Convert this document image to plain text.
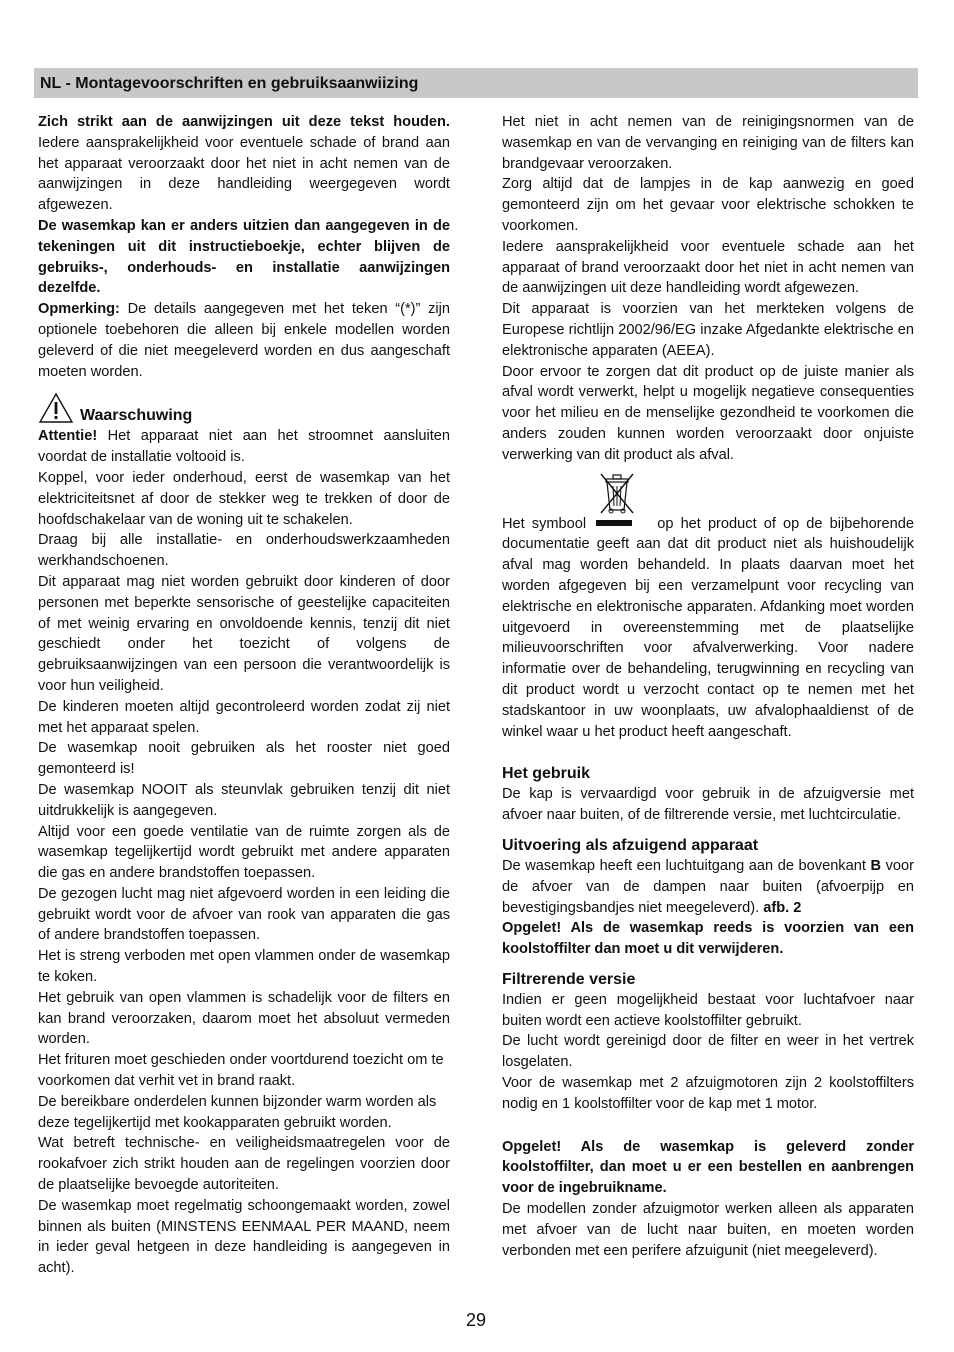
NL - Montagevoorschriften en gebruiksaanwiizing

Zich strikt aan de aanwijzingen uit deze tekst houden. Iedere aansprakelijkheid voor eventuele schade of brand aan het apparaat veroorzaakt door het niet in acht nemen van de aanwijzingen in deze handleiding weergegeven wordt afgewezen.

De wasemkap kan er anders uitzien dan aangegeven in de tekeningen uit dit instructieboekje, echter blijven de gebruiks-, onderhouds- en installatie aanwijzingen dezelfde.

Opmerking: De details aangegeven met het teken “(*)” zijn optionele toebehoren die alleen bij enkele modellen worden geleverd of die niet meegeleverd worden en dus aangeschaft moeten worden.

Waarschuwing

Attentie! Het apparaat niet aan het stroomnet aansluiten voordat de installatie voltooid is.

Koppel, voor ieder onderhoud, eerst de wasemkap van het elektriciteitsnet af door de stekker weg te trekken of door de hoofdschakelaar van de woning uit te schakelen.

Draag bij alle installatie- en onderhoudswerkzaamheden werkhandschoenen.

Dit apparaat mag niet worden gebruikt door kinderen of door personen met beperkte sensorische of geestelijke capaciteiten of met weinig ervaring en onvoldoende kennis, tenzij dit niet geschiedt onder het toezicht of volgens de gebruiksaanwijzingen van een persoon die verantwoordelijk is voor hun veiligheid.

De kinderen moeten altijd gecontroleerd worden zodat zij niet met het apparaat spelen.

De wasemkap nooit gebruiken als het rooster niet goed gemonteerd is!

De wasemkap NOOIT als steunvlak gebruiken tenzij dit niet uitdrukkelijk is aangegeven.

Altijd voor een goede ventilatie van de ruimte zorgen als de wasemkap tegelijkertijd wordt gebruikt met andere apparaten die gas en andere brandstoffen toepassen.

De gezogen lucht mag niet afgevoerd worden in een leiding die gebruikt wordt voor de afvoer van rook van apparaten die gas of andere brandstoffen toepassen.

Het is streng verboden met open vlammen onder de wasemkap te koken.

Het gebruik van open vlammen is schadelijk voor de filters en kan brand veroorzaken, daarom moet het absoluut vermeden worden.

Het frituren moet geschieden onder voortdurend toezicht om te voorkomen dat verhit vet in brand raakt.

De bereikbare onderdelen kunnen bijzonder warm worden als deze tegelijkertijd met kookapparaten gebruikt worden.

Wat betreft technische- en veiligheidsmaatregelen voor de rookafvoer zich strikt houden aan de regelingen voorzien door de plaatselijke bevoegde autoriteiten.

De wasemkap moet regelmatig schoongemaakt worden, zowel binnen als buiten (MINSTENS EENMAAL PER MAAND, neem in ieder geval hetgeen in deze handleiding is aangegeven in acht).

Het niet in acht nemen van de reinigingsnormen van de wasemkap en van de vervanging en reiniging van de filters kan brandgevaar veroorzaken.

Zorg altijd dat de lampjes in de kap aanwezig en goed gemonteerd zijn om het gevaar voor elektrische schokken te voorkomen.

Iedere aansprakelijkheid voor eventuele schade aan het apparaat of brand veroorzaakt door het niet in acht nemen van de aanwijzingen uit deze handleiding wordt afgewezen.

Dit apparaat is voorzien van het merkteken volgens de Europese richtlijn 2002/96/EG inzake Afgedankte elektrische en elektronische apparaten (AEEA).

Door ervoor te zorgen dat dit product op de juiste manier als afval wordt verwerkt, helpt u mogelijk negatieve consequenties voor het milieu en de menselijke gezondheid te voorkomen die anders zouden kunnen worden veroorzaakt door onjuiste verwerking van dit product als afval.

Het symbool	op het product of op de bijbehorende documentatie geeft aan dat dit product niet als huishoudelijk afval mag worden behandeld. In plaats daarvan moet het worden afgegeven bij een verzamelpunt voor recycling van elektrische en elektronische apparaten. Afdanking moet worden uitgevoerd in overeenstemming met de plaatselijke milieuvoorschriften voor afvalverwerking. Voor nadere informatie over de behandeling, terugwinning en recycling van dit product wordt u verzocht contact op te nemen met het stadskantoor in uw woonplaats, uw afvalophaaldienst of de winkel waar u het product heeft aangeschaft.

Het gebruik

De kap is vervaardigd voor gebruik in de afzuigversie met afvoer naar buiten, of de filtrerende versie, met luchtcirculatie.

Uitvoering als afzuigend apparaat

De wasemkap heeft een luchtuitgang aan de bovenkant B voor de afvoer van de dampen naar buiten (afvoerpijp en bevestigingsbandjes niet meegeleverd). afb. 2

Opgelet! Als de wasemkap reeds is voorzien van een koolstoffilter dan moet u dit verwijderen.

Filtrerende versie

Indien er geen mogelijkheid bestaat voor luchtafvoer naar buiten wordt een actieve koolstoffilter gebruikt.

De lucht wordt gereinigd door de filter en weer in het vertrek losgelaten.

Voor de wasemkap met 2 afzuigmotoren zijn 2 koolstoffilters nodig en 1 koolstoffilter voor de kap met 1 motor.

Opgelet! Als de wasemkap is geleverd zonder koolstoffilter, dan moet u er een bestellen en aanbrengen voor de ingebruikname.

De modellen zonder afzuigmotor werken alleen als apparaten met afvoer van de lucht naar buiten, en moeten worden verbonden met een perifere afzuigunit (niet meegeleverd).

29
